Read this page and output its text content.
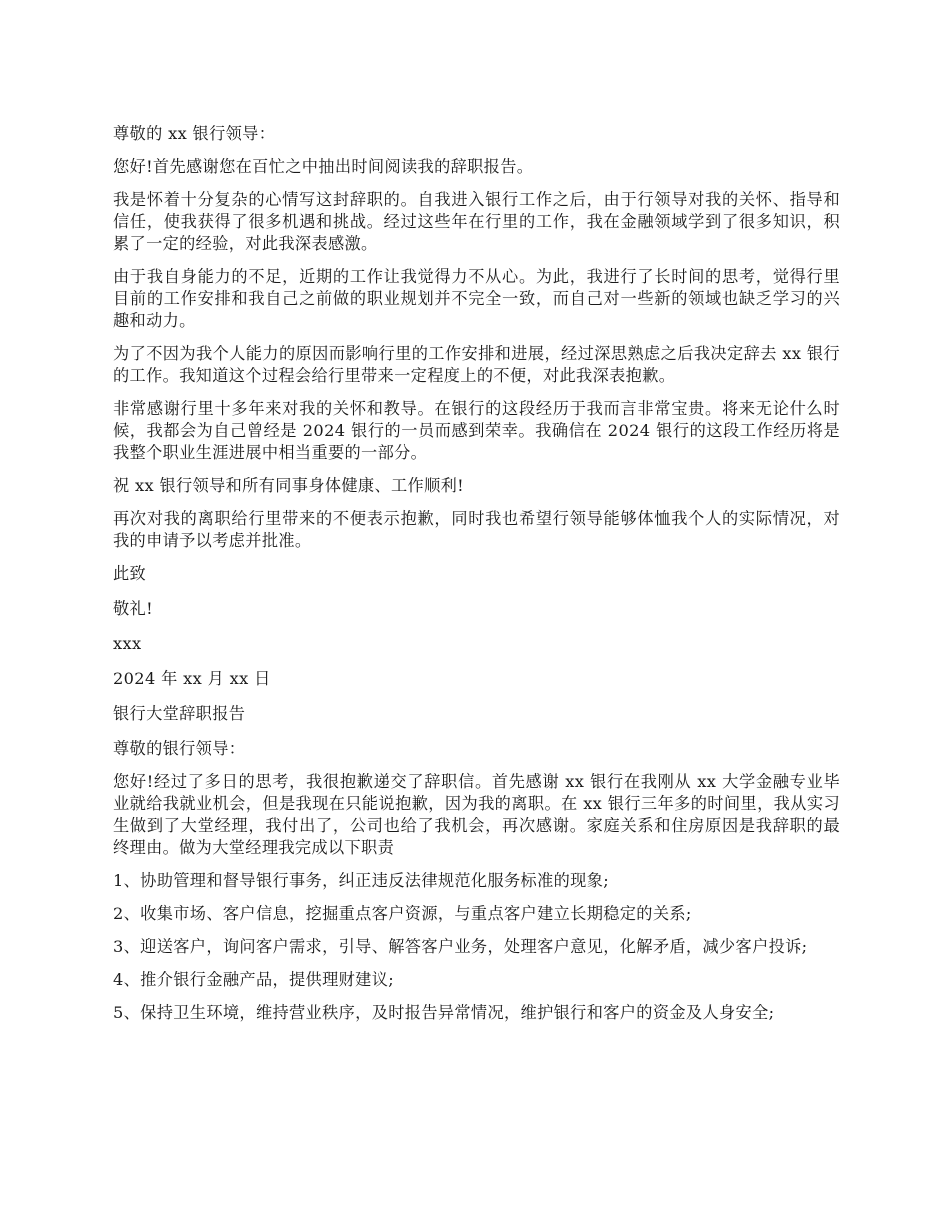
尊敬的 xx 银行领导：

您好!首先感谢您在百忙之中抽出时间阅读我的辞职报告。

我是怀着十分复杂的心情写这封辞职的。自我进入银行工作之后，由于行领导对我的关怀、指导和信任，使我获得了很多机遇和挑战。经过这些年在行里的工作，我在金融领域学到了很多知识，积累了一定的经验，对此我深表感激。

由于我自身能力的不足，近期的工作让我觉得力不从心。为此，我进行了长时间的思考，觉得行里目前的工作安排和我自己之前做的职业规划并不完全一致，而自己对一些新的领域也缺乏学习的兴趣和动力。

为了不因为我个人能力的原因而影响行里的工作安排和进展，经过深思熟虑之后我决定辞去 xx 银行的工作。我知道这个过程会给行里带来一定程度上的不便，对此我深表抱歉。

非常感谢行里十多年来对我的关怀和教导。在银行的这段经历于我而言非常宝贵。将来无论什么时候，我都会为自己曾经是 2024 银行的一员而感到荣幸。我确信在 2024 银行的这段工作经历将是我整个职业生涯进展中相当重要的一部分。

祝 xx 银行领导和所有同事身体健康、工作顺利!

再次对我的离职给行里带来的不便表示抱歉，同时我也希望行领导能够体恤我个人的实际情况，对我的申请予以考虑并批准。

此致

敬礼!

xxx

2024 年 xx 月 xx 日

银行大堂辞职报告

尊敬的银行领导：

您好!经过了多日的思考，我很抱歉递交了辞职信。首先感谢 xx 银行在我刚从 xx 大学金融专业毕业就给我就业机会，但是我现在只能说抱歉，因为我的离职。在 xx 银行三年多的时间里，我从实习生做到了大堂经理，我付出了，公司也给了我机会，再次感谢。家庭关系和住房原因是我辞职的最终理由。做为大堂经理我完成以下职责

1、协助管理和督导银行事务，纠正违反法律规范化服务标准的现象;

2、收集市场、客户信息，挖掘重点客户资源，与重点客户建立长期稳定的关系;

3、迎送客户，询问客户需求，引导、解答客户业务，处理客户意见，化解矛盾，减少客户投诉;

4、推介银行金融产品，提供理财建议;

5、保持卫生环境，维持营业秩序，及时报告异常情况，维护银行和客户的资金及人身安全;
